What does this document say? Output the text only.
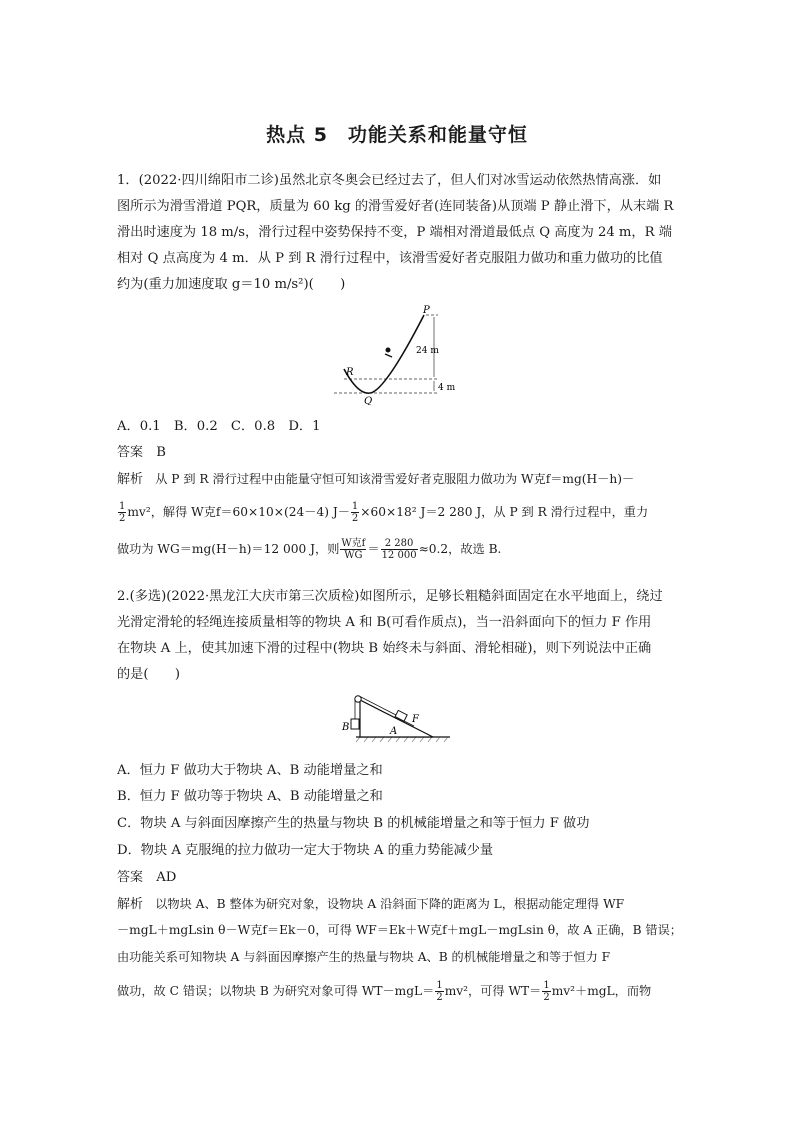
热点 5　功能关系和能量守恒
1．(2022·四川绵阳市二诊)虽然北京冬奥会已经过去了，但人们对冰雪运动依然热情高涨．如
图所示为滑雪滑道 PQR，质量为 60 kg 的滑雪爱好者(连同装备)从顶端 P 静止滑下，从末端 R
滑出时速度为 18 m/s，滑行过程中姿势保持不变，P 端相对滑道最低点 Q 高度为 24 m，R 端
相对 Q 点高度为 4 m．从 P 到 R 滑行过程中，该滑雪爱好者克服阻力做功和重力做功的比值
约为(重力加速度取 g＝10 m/s²)(　　)
P
R
Q
24 m
4 m
A．0.1　B．0.2　C．0.8　D．1
答案　 B
解析　 从 P 到 R 滑行过程中由能量守恒可知该滑雪爱好者克服阻力做功为 W克f＝mg(H－h)－
$\frac{1}{2} mv^2$，解得 W克f＝60×10×(24－4) $J- \frac{1}{2} \times 60\times 18^2$ J＝2 280 J，从 P 到 R 滑行过程中，重力
做功为 WG＝mg(H－h)＝12 000 J，则 $\frac{\text{W克f}}{WG} = \frac{2 280}{12 000} \approx 0.2$，故选 B.
2.(多选)(2022·黑龙江大庆市第三次质检)如图所示，足够长粗糙斜面固定在水平地面上，绕过
光滑定滑轮的轻绳连接质量相等的物块 A 和 B(可看作质点)，当一沿斜面向下的恒力 F 作用
在物块 A 上，使其加速下滑的过程中(物块 B 始终未与斜面、滑轮相碰)，则下列说法中正确
的是(　　)
B	A
F
A．恒力 F 做功大于物块 A、B 动能增量之和
B．恒力 F 做功等于物块 A、B 动能增量之和
C．物块 A 与斜面因摩擦产生的热量与物块 B 的机械能增量之和等于恒力 F 做功
D．物块 A 克服绳的拉力做功一定大于物块 A 的重力势能减少量
答案　 AD
解析　 以物块 A、B 整体为研究对象，设物块 A 沿斜面下降的距离为 L，根据动能定理得 WF
－mgL＋mgLsin θ－W克f＝Ek－0，可得 WF＝Ek＋W克f＋mgL－mgLsin θ，故 A 正确，B 错误；
由功能关系可知物块 A 与斜面因摩擦产生的热量与物块 A、B 的机械能增量之和等于恒力 F
做功，故 C 错误；以物块 B 为研究对象可得 $WT-mgL= \frac{1}{2} mv^2$，可得 $WT= \frac{1}{2} mv^2+mgL$，而物
